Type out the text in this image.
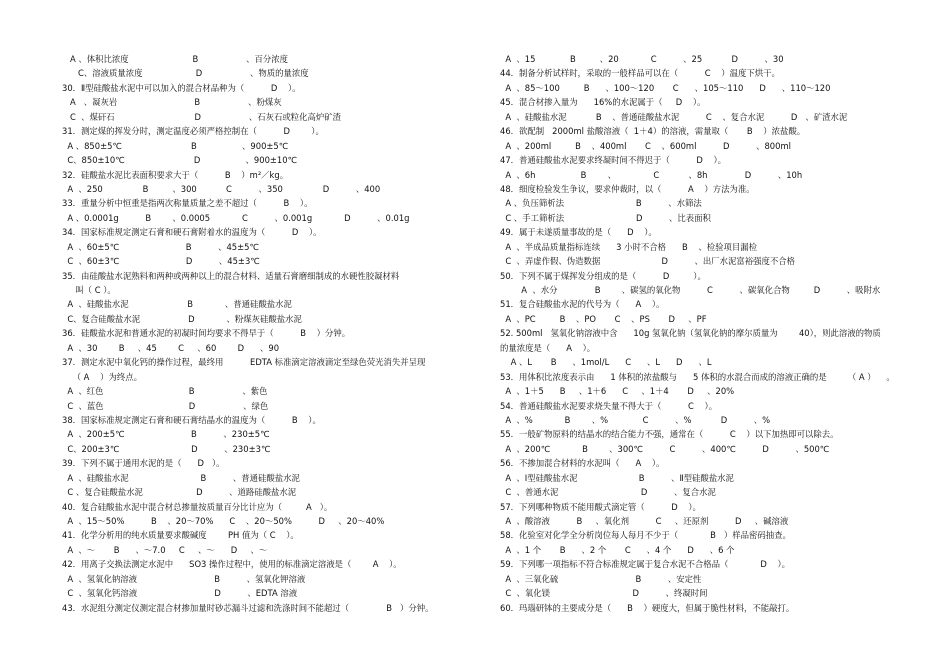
A 、体积比浓度                        B                  、百分浓度
C、溶液质量浓度                    D                  、物质的量浓度
30．Ⅱ型硅酸盐水泥中可以加入的混合材品种为（          D    ）。
A   、凝灰岩                             B                  、粉煤灰
C  、煤矸石                              D                  、石灰石或粒化高炉矿渣
31．测定煤的挥发分时，测定温度必须严格控制在（          D        ）。
A 、850±5℃                          B                 、900±5℃
C、850±10℃                          D                 、900±10℃
32．硅酸盐水泥比表面积要求大于（          B    ）m²／kg。
A  、250               B         、300           C          、350               D          、400
33．重量分析中恒重是指两次称量质量之差不超过（          B    ）。
A 、0.0001g          B        、0.0005            C          、0.001g            D          、0.01g
34．国家标准规定测定石膏和硬石膏附着水的温度为（          D    ）。
A  、60±5℃                         B          、45±5℃
C  、60±3℃                         D          、45±3℃
35．由硅酸盐水泥熟料和两种或两种以上的混合材料、适量石膏磨细制成的水硬性胶凝材料
叫（ C ）。
A  、硅酸盐水泥                      B            、普通硅酸盐水泥
C、复合硅酸盐水泥                  D            、粉煤灰硅酸盐水泥
36．硅酸盐水泥和普通水泥的初凝时间均要求不得早于（          B    ）分钟。
A  、30        B     、45        C     、60        D      、90
37．测定水泥中氧化钙的操作过程，最终用          EDTA 标准滴定溶液滴定至绿色荧光消失并呈现
（ A    ）为终点。
A  、红色                                B                  、紫色
C  、蓝色                                D                  、绿色
38．国家标准规定测定石膏和硬石膏结晶水的温度为（          B    ）。
A  、200±5℃                         B          、230±5℃
C、200±3℃                           D          、230±3℃
39．下列不属于通用水泥的是（      D   ）。
A  、硅酸盐水泥                           B          、普通硅酸盐水泥
C 、复合硅酸盐水泥                    D          、道路硅酸盐水泥
40．复合硅酸盐水泥中混合材总掺量按质量百分比计应为（         A   ）。
A  、15～50%          B    、20～70%      C    、20～50%          D     、20～40%
41．化学分析用的纯水质量要求酸碱度        PH 值为（ C    ）。
A  、～       B      、～7.0     C     、～      D     、～
42．用离子交换法测定水泥中      SO3 操作过程中，使用的标准滴定溶液是（        A    ）。
A  、氢氧化钠溶液                             B          、氢氧化钾溶液
C  、氢氧化钙溶液                             D          、EDTA 溶液
43．水泥组分测定仪测定混合材掺加量时砂芯漏斗过滤和洗涤时间不能超过（              B   ）分钟。
A  、15             B         、20            C          、25           D          、30
44．制备分析试样时，采取的一般样品可以在（          C    ）温度下烘干。
A  、85～100         B      、100～120       C      、105～110      D      、110～120
45．混合材掺入量为      16%的水泥属于（     D    ）。
A  、硅酸盐水泥           B    、普通硅酸盐水泥          C    、复合水泥          D   、矿渣水泥
46．欲配制   2000ml 盐酸溶液（  1＋4）的溶液，需量取（       B    ）浓盐酸。
A  、200ml         B    、400ml       C    、600ml          D          、800ml
47．普通硅酸盐水泥要求终凝时间不得迟于（          D    ）。
A  、6h                 B        、              C           、8h              D          、10h
48．细度检验发生争议，要求仲裁时，以（          A    ）方法为准。
A 、负压筛析法                           B          、水筛法
C 、手工筛析法                           D          、比表面积
49．属于未遂质量事故的是（      D    ）。
A  、半成品质量指标连续      3 小时不合格      B    、检验项目漏检
C  、弄虚作假、伪造数据                       D          、出厂水泥富裕强度不合格
50．下列不属于煤挥发分组成的是（          D         ）。
A  、水分              B        、碳氢的氧化物          C          、碳氧化合物         D          、吸附水
51．复合硅酸盐水泥的代号为（      A    ）。
A  、PC         B    、PO       C    、PS       D     、PF
52. 500ml   氢氧化钠溶液中含      10g 氢氧化钠（氢氧化钠的摩尔质量为        40），则此溶液的物质
的量浓度是（      A    ）。
A 、L       B      、1mol/L      C      、L      D      、L
53．用体积比浓度表示由      1 体积的浓盐酸与      5 体积的水混合而成的溶液正确的是        （ A ）    。
A  、1＋5      B     、1＋6      C     、1＋4       D     、20%
54．普通硅酸盐水泥要求烧失量不得大于（          C    ）。
A  、%            B        、%             C          、%           D          、%
55．一般矿物原料的结晶水的结合能力不强，通常在（          C    ）以下加热即可以除去。
A  、200℃            B        、300℃          C          、400℃          D          、500℃
56．不掺加混合材料的水泥叫（      A    ）。
A  、Ⅰ型硅酸盐水泥                       B          、Ⅱ型硅酸盐水泥
C  、普通水泥                               D          、复合水泥
57．下列哪种物质不能用酸式滴定管（          D    ）。
A  、酸溶液          B     、氧化剂          C     、还原剂          D     、碱溶液
58．化验室对化学全分析岗位每人每月不少于（            B   ）样品密码抽查。
A  、1 个       B      、2 个       C      、4 个      D      、6 个
59．下列哪一项指标不符合标准规定属于复合水泥不合格品（            D    ）。
A  、三氧化硫                             B          、安定性
C  、氧化镁                               D          、终凝时间
60．玛瑙研钵的主要成分是（      B    ）硬度大，但属于脆性材料，不能敲打。
